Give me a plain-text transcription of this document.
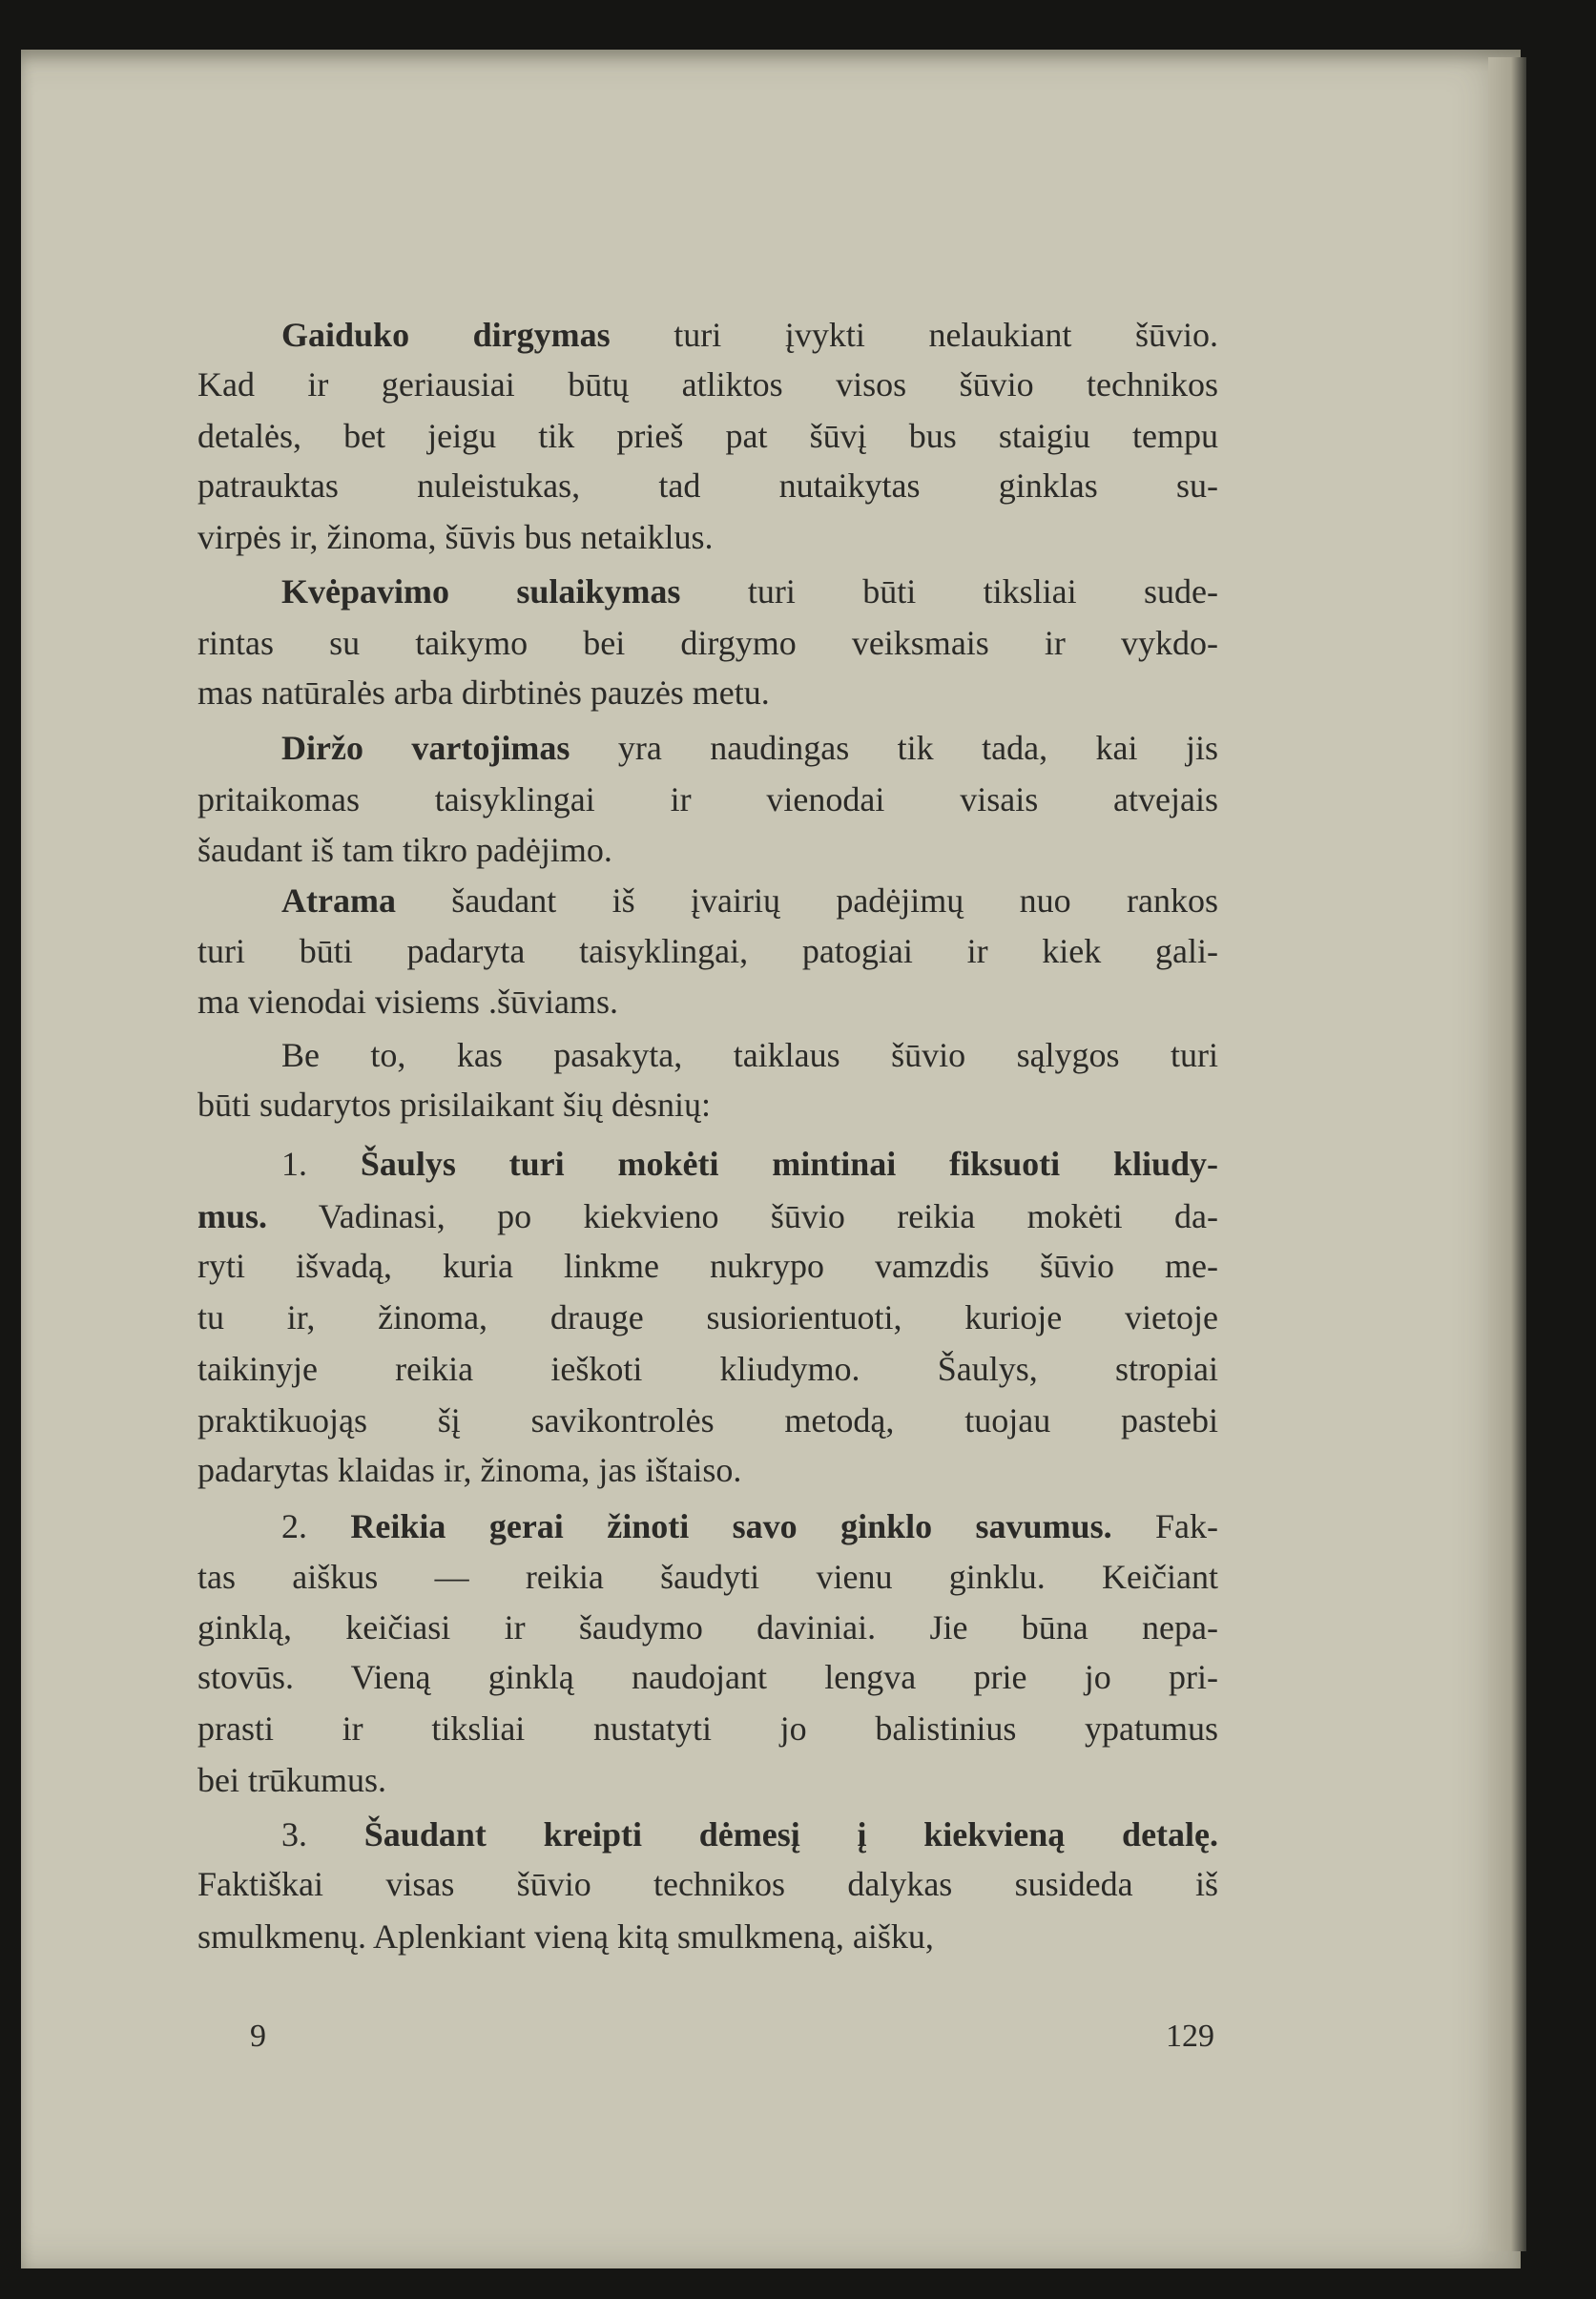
Gaiduko dirgymas turi įvykti nelaukiant šūvio.
Kad ir geriausiai būtų atliktos visos šūvio technikos
detalės, bet jeigu tik prieš pat šūvį bus staigiu tempu
patrauktas nuleistukas, tad nutaikytas ginklas su-
virpės ir, žinoma, šūvis bus netaiklus.
Kvėpavimo sulaikymas turi būti tiksliai sude-
rintas su taikymo bei dirgymo veiksmais ir vykdo-
mas natūralės arba dirbtinės pauzės metu.
Diržo vartojimas yra naudingas tik tada, kai jis
pritaikomas taisyklingai ir vienodai visais atvejais
šaudant iš tam tikro padėjimo.
Atrama šaudant iš įvairių padėjimų nuo rankos
turi būti padaryta taisyklingai, patogiai ir kiek gali-
ma vienodai visiems .šūviams.
Be to, kas pasakyta, taiklaus šūvio sąlygos turi
būti sudarytos prisilaikant šių dėsnių:
1. Šaulys turi mokėti mintinai fiksuoti kliudy-
mus. Vadinasi, po kiekvieno šūvio reikia mokėti da-
ryti išvadą, kuria linkme nukrypo vamzdis šūvio me-
tu ir, žinoma, drauge susiorientuoti, kurioje vietoje
taikinyje reikia ieškoti kliudymo. Šaulys, stropiai
praktikuojąs šį savikontrolės metodą, tuojau pastebi
padarytas klaidas ir, žinoma, jas ištaiso.
2. Reikia gerai žinoti savo ginklo savumus. Fak-
tas aiškus — reikia šaudyti vienu ginklu. Keičiant
ginklą, keičiasi ir šaudymo daviniai. Jie būna nepa-
stovūs. Vieną ginklą naudojant lengva prie jo pri-
prasti ir tiksliai nustatyti jo balistinius ypatumus
bei trūkumus.
3. Šaudant kreipti dėmesį į kiekvieną detalę.
Faktiškai visas šūvio technikos dalykas susideda iš
smulkmenų. Aplenkiant vieną kitą smulkmeną, aišku,
9	129
